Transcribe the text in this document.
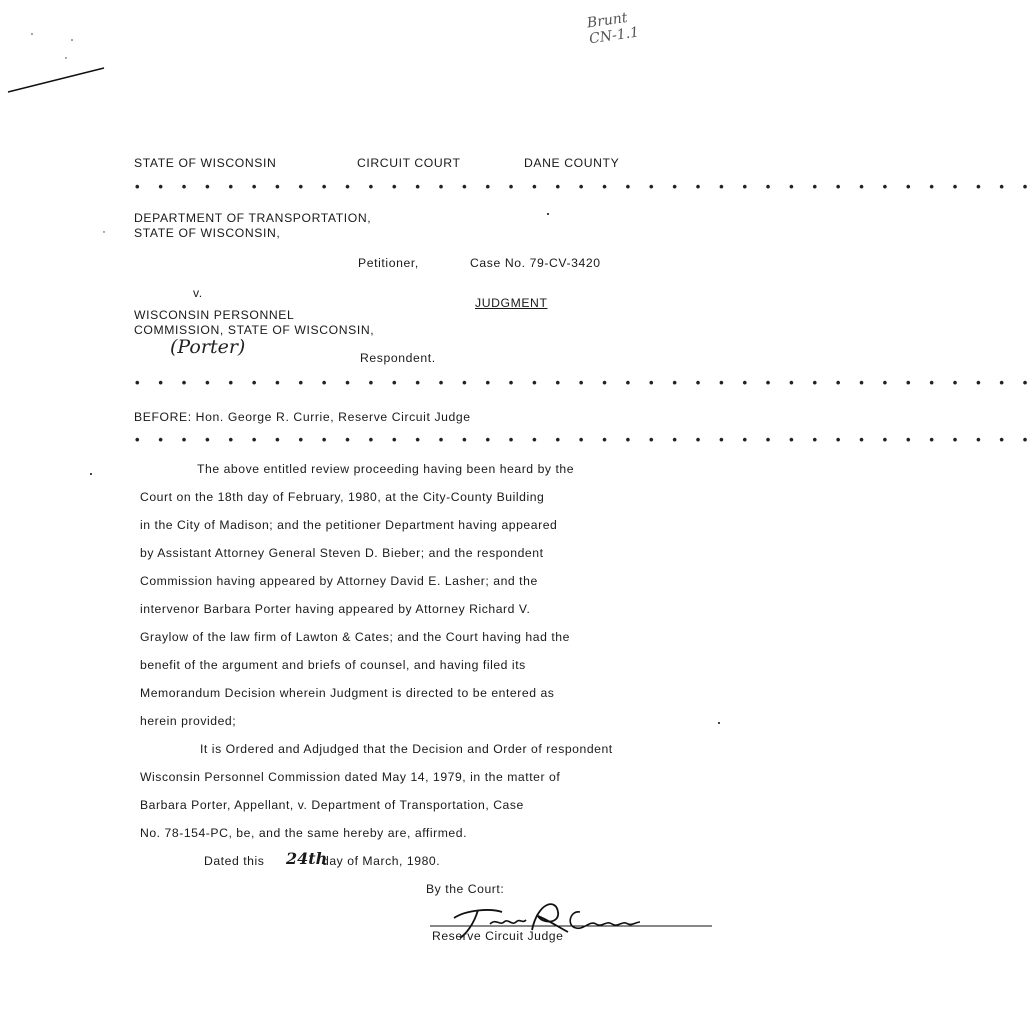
Brunt
CN-1.1
STATE OF WISCONSIN	CIRCUIT COURT	DANE COUNTY
• • • • • • • • • • • • • • • • • • • • • • • • • • • • • • • • • • • • • • •
DEPARTMENT OF TRANSPORTATION,
STATE OF WISCONSIN,
Petitioner,	Case No. 79-CV-3420
v.
JUDGMENT
WISCONSIN PERSONNEL
COMMISSION, STATE OF WISCONSIN,
(Porter)	Respondent.
• • • • • • • • • • • • • • • • • • • • • • • • • • • • • • • • • • • • • • •
BEFORE: Hon. George R. Currie, Reserve Circuit Judge
• • • • • • • • • • • • • • • • • • • • • • • • • • • • • • • • • • • • • • •
The above entitled review proceeding having been heard by the
Court on the 18th day of February, 1980, at the City-County Building
in the City of Madison; and the petitioner Department having appeared
by Assistant Attorney General Steven D. Bieber; and the respondent
Commission having appeared by Attorney David E. Lasher; and the
intervenor Barbara Porter having appeared by Attorney Richard V.
Graylow of the law firm of Lawton & Cates; and the Court having had the
benefit of the argument and briefs of counsel, and having filed its
Memorandum Decision wherein Judgment is directed to be entered as
herein provided;
It is Ordered and Adjudged that the Decision and Order of respondent
Wisconsin Personnel Commission dated May 14, 1979, in the matter of
Barbara Porter, Appellant, v. Department of Transportation, Case
No. 78-154-PC, be, and the same hereby are, affirmed.
Dated this 24th
day of March, 1980.
By the Court:
Reserve Circuit Judge
